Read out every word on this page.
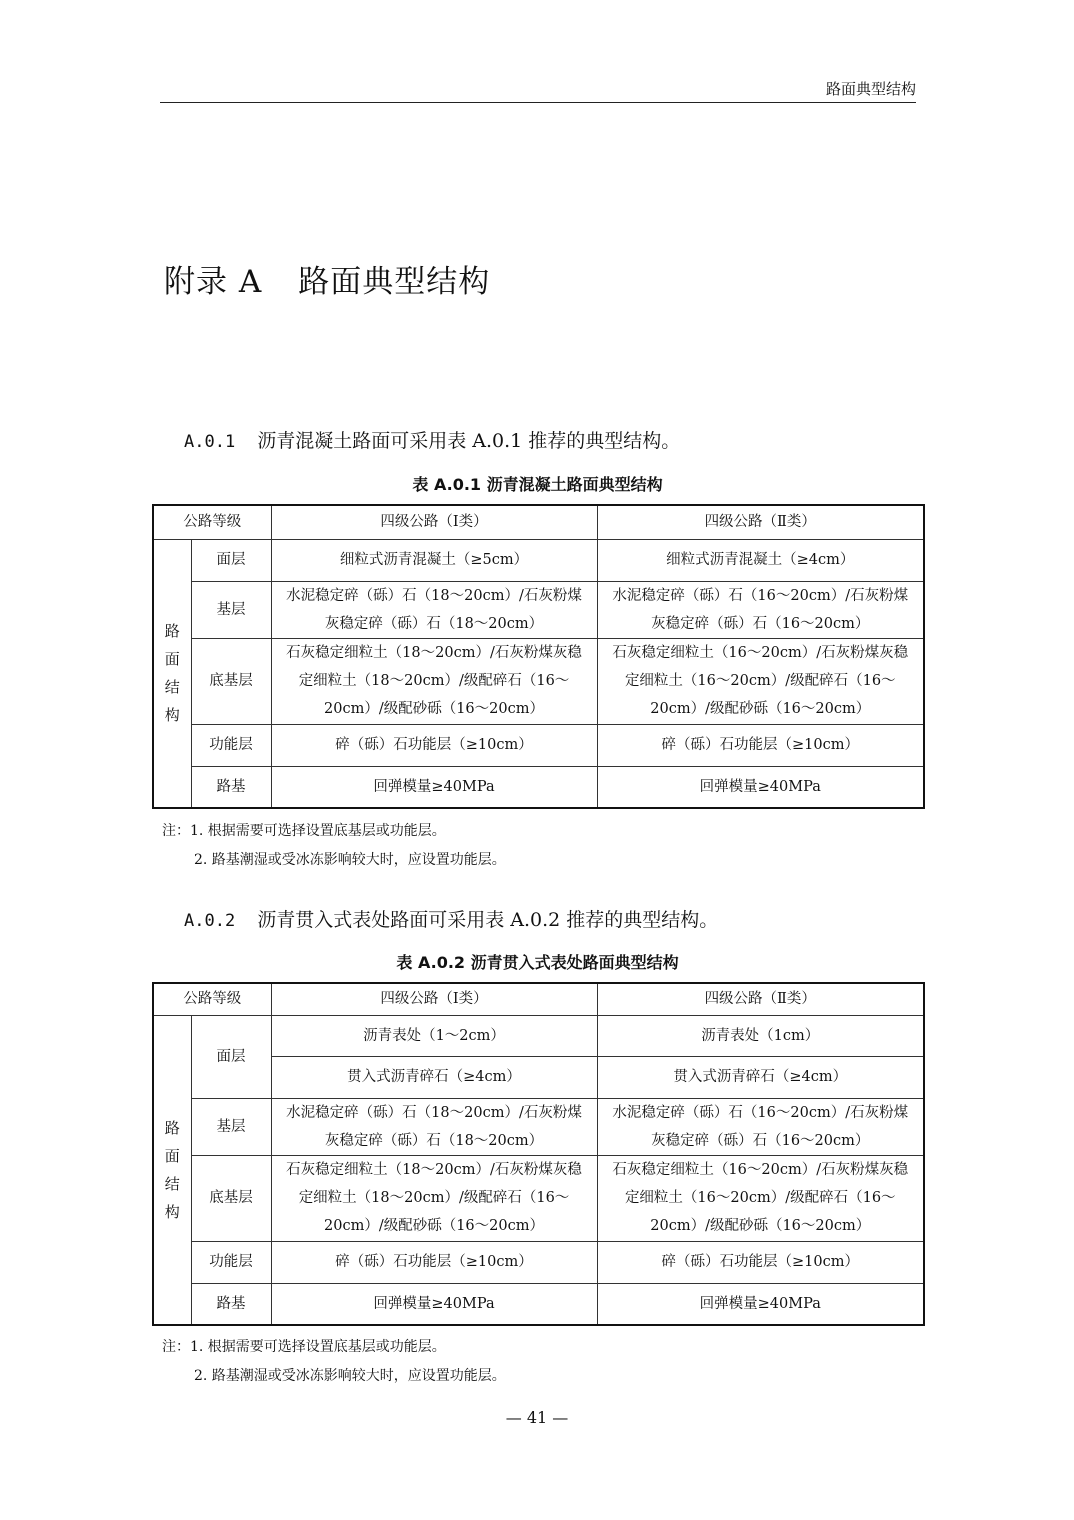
路面典型结构
附录 A 路面典型结构
A.0.1 沥青混凝土路面可采用表 A.0.1 推荐的典型结构。
表 A.0.1 沥青混凝土路面典型结构
公路等级		四级公路（Ⅰ类）	四级公路（Ⅱ类）

路
面
结
构	面层	细粒式沥青混凝土（≥5cm）	细粒式沥青混凝土（≥4cm）
	基层	水泥稳定碎（砾）石（18～20cm）/石灰粉煤灰稳定碎（砾）石（18～20cm）	水泥稳定碎（砾）石（16～20cm）/石灰粉煤灰稳定碎（砾）石（16～20cm）
	底基层	石灰稳定细粒土（18～20cm）/石灰粉煤灰稳定细粒土（18～20cm）/级配碎石（16～20cm）/级配砂砾（16～20cm）	石灰稳定细粒土（16～20cm）/石灰粉煤灰稳定细粒土（16～20cm）/级配碎石（16～20cm）/级配砂砾（16～20cm）
	功能层	碎（砾）石功能层（≥10cm）	碎（砾）石功能层（≥10cm）
	路基	回弹模量≥40MPa	回弹模量≥40MPa
注：1. 根据需要可选择设置底基层或功能层。
2. 路基潮湿或受冰冻影响较大时，应设置功能层。
A.0.2 沥青贯入式表处路面可采用表 A.0.2 推荐的典型结构。
表 A.0.2 沥青贯入式表处路面典型结构
公路等级		四级公路（Ⅰ类）	四级公路（Ⅱ类）

路
面
结
构	面层	沥青表处（1～2cm）	沥青表处（1cm）
		贯入式沥青碎石（≥4cm）	贯入式沥青碎石（≥4cm）
	基层	水泥稳定碎（砾）石（18～20cm）/石灰粉煤灰稳定碎（砾）石（18～20cm）	水泥稳定碎（砾）石（16～20cm）/石灰粉煤灰稳定碎（砾）石（16～20cm）
	底基层	石灰稳定细粒土（18～20cm）/石灰粉煤灰稳定细粒土（18～20cm）/级配碎石（16～20cm）/级配砂砾（16～20cm）	石灰稳定细粒土（16～20cm）/石灰粉煤灰稳定细粒土（16～20cm）/级配碎石（16～20cm）/级配砂砾（16～20cm）
	功能层	碎（砾）石功能层（≥10cm）	碎（砾）石功能层（≥10cm）
	路基	回弹模量≥40MPa	回弹模量≥40MPa
注：1. 根据需要可选择设置底基层或功能层。
2. 路基潮湿或受冰冻影响较大时，应设置功能层。
— 41 —
